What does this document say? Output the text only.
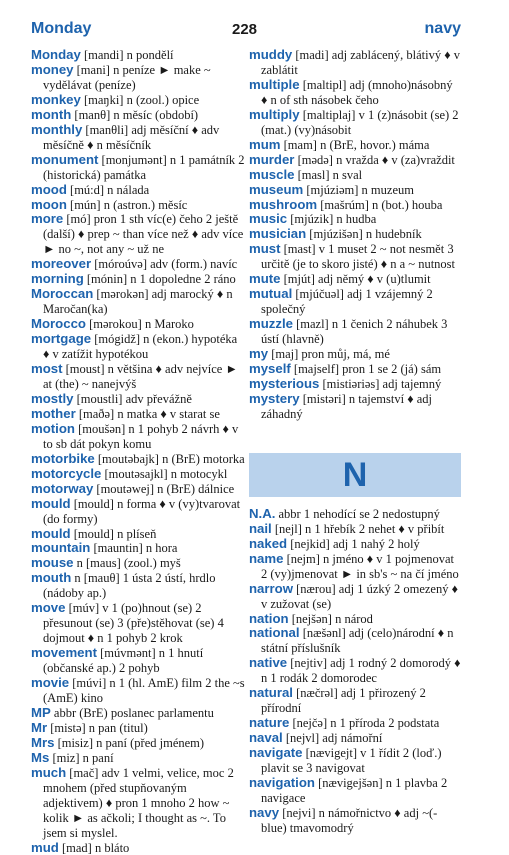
Monday	228	navy

Monday [mandi] n pondělí

money [mani] n peníze ► make ~ vydělávat (peníze)

monkey [maŋki] n (zool.) opice

month [manθ] n měsíc (období)

monthly [manθli] adj měsíční ♦ adv měsíčně ♦ n měsíčník

monument [monjumənt] n 1 památník 2 (historická) památka

mood [mú:d] n nálada

moon [mún] n (astron.) měsíc

more [mó] pron 1 sth víc(e) čeho 2 ještě (další) ♦ prep ~ than více než ♦ adv více ► no ~, not any ~ už ne

moreover [móroúvə] adv (form.) navíc

morning [mónin] n 1 dopoledne 2 ráno

Moroccan [mərokən] adj marocký ♦ n Maročan(ka)

Morocco [mərokou] n Maroko

mortgage [mógidž] n (ekon.) hypotéka ♦ v zatížit hypotékou

most [moust] n většina ♦ adv nejvíce ► at (the) ~ nanejvýš

mostly [moustli] adv převážně

mother [maðə] n matka ♦ v starat se

motion [moušən] n 1 pohyb 2 návrh ♦ v to sb dát pokyn komu

motorbike [moutəbajk] n (BrE) motorka

motorcycle [moutəsajkl] n motocykl

motorway [moutəwej] n (BrE) dálnice

mould [mould] n forma ♦ v (vy)tvarovat (do formy)

mould [mould] n plíseň

mountain [mauntin] n hora

mouse n [maus] (zool.) myš

mouth n [mauθ] 1 ústa 2 ústí, hrdlo (nádoby ap.)

move [múv] v 1 (po)hnout (se) 2 přesunout (se) 3 (pře)stěhovat (se) 4 dojmout ♦ n 1 pohyb 2 krok

movement [múvmənt] n 1 hnutí (občanské ap.) 2 pohyb

movie [múvi] n 1 (hl. AmE) film 2 the ~s (AmE) kino

MP abbr (BrE) poslanec parlamentu

Mr [mistə] n pan (titul)

Mrs [misiz] n paní (před jménem)

Ms [miz] n paní

much [mač] adv 1 velmi, velice, moc 2 mnohem (před stupňovaným adjektivem) ♦ pron 1 mnoho 2 how ~ kolik ► as ačkoli; I thought as ~. To jsem si myslel.

mud [mad] n bláto

muddy [madi] adj zablácený, blátivý ♦ v zablátit

multiple [maltipl] adj (mnoho)násobný ♦ n of sth násobek čeho

multiply [maltiplaj] v 1 (z)násobit (se) 2 (mat.) (vy)násobit

mum [mam] n (BrE, hovor.) máma

murder [mədə] n vražda ♦ v (za)vraždit

muscle [masl] n sval

museum [mjúziəm] n muzeum

mushroom [mašrúm] n (bot.) houba

music [mjúzik] n hudba

musician [mjúzišən] n hudebník

must [mast] v 1 muset 2 ~ not nesmět 3 určitě (je to skoro jisté) ♦ n a ~ nutnost

mute [mjút] adj němý ♦ v (u)tlumit

mutual [mjúčuəl] adj 1 vzájemný 2 společný

muzzle [mazl] n 1 čenich 2 náhubek 3 ústí (hlavně)

my [maj] pron můj, má, mé

myself [majself] pron 1 se 2 (já) sám

mysterious [mistiəriəs] adj tajemný

mystery [mistəri] n tajemství ♦ adj záhadný

N

N.A. abbr 1 nehodící se 2 nedostupný

nail [nejl] n 1 hřebík 2 nehet ♦ v přibít

naked [nejkid] adj 1 nahý 2 holý

name [nejm] n jméno ♦ v 1 pojmenovat 2 (vy)jmenovat ► in sb's ~ na čí jméno

narrow [nærou] adj 1 úzký 2 omezený ♦ v zužovat (se)

nation [nejšən] n národ

national [næšənl] adj (celo)národní ♦ n státní příslušník

native [nejtiv] adj 1 rodný 2 domorodý ♦ n 1 rodák 2 domorodec

natural [næčrəl] adj 1 přirozený 2 přírodní

nature [nejčə] n 1 příroda 2 podstata

naval [nejvl] adj námořní

navigate [nævigejt] v 1 řídit 2 (loď.) plavit se 3 navigovat

navigation [nævigejšən] n 1 plavba 2 navigace

navy [nejvi] n námořnictvo ♦ adj ~(-blue) tmavomodrý
